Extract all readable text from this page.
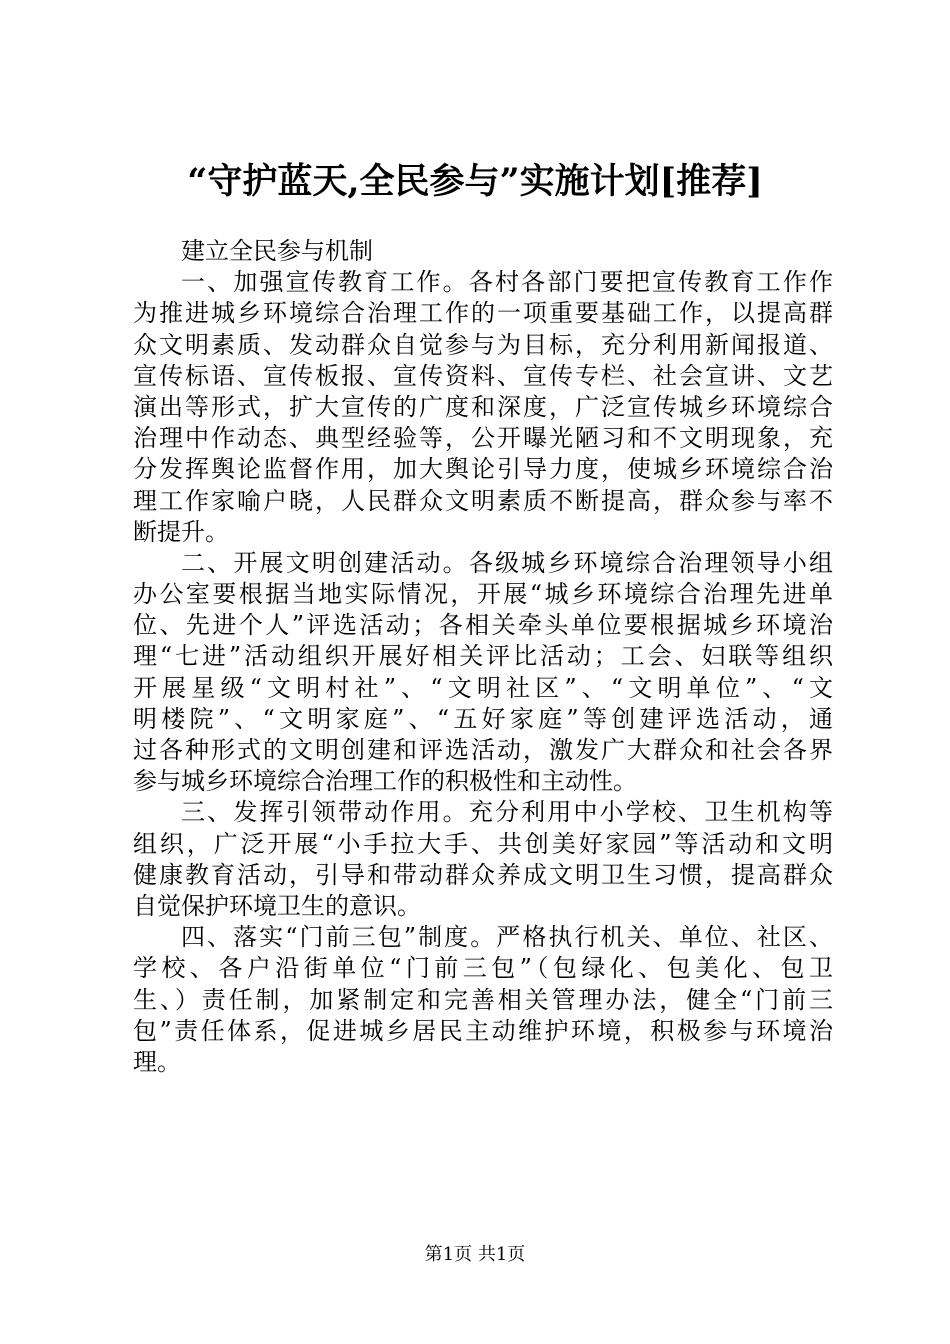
“守护蓝天,全民参与”实施计划[推荐]
建立全民参与机制
一、加强宣传教育工作。各村各部门要把宣传教育工作作
为推进城乡环境综合治理工作的一项重要基础工作，以提高群
众文明素质、发动群众自觉参与为目标，充分利用新闻报道、
宣传标语、宣传板报、宣传资料、宣传专栏、社会宣讲、文艺
演出等形式，扩大宣传的广度和深度，广泛宣传城乡环境综合
治理中作动态、典型经验等，公开曝光陋习和不文明现象，充
分发挥舆论监督作用，加大舆论引导力度，使城乡环境综合治
理工作家喻户晓，人民群众文明素质不断提高，群众参与率不
断提升。
二、开展文明创建活动。各级城乡环境综合治理领导小组
办公室要根据当地实际情况，开展“城乡环境综合治理先进单
位、先进个人”评选活动；各相关牵头单位要根据城乡环境治
理“七进”活动组织开展好相关评比活动；工会、妇联等组织
开展星级“文明村社”、“文明社区”、“文明单位”、“文
明楼院”、“文明家庭”、“五好家庭”等创建评选活动，通
过各种形式的文明创建和评选活动，激发广大群众和社会各界
参与城乡环境综合治理工作的积极性和主动性。
三、发挥引领带动作用。充分利用中小学校、卫生机构等
组织，广泛开展“小手拉大手、共创美好家园”等活动和文明
健康教育活动，引导和带动群众养成文明卫生习惯，提高群众
自觉保护环境卫生的意识。
四、落实“门前三包”制度。严格执行机关、单位、社区、
学校、各户沿街单位“门前三包”（包绿化、包美化、包卫
生、）责任制，加紧制定和完善相关管理办法，健全“门前三
包”责任体系，促进城乡居民主动维护环境，积极参与环境治
理。
第1页 共1页
